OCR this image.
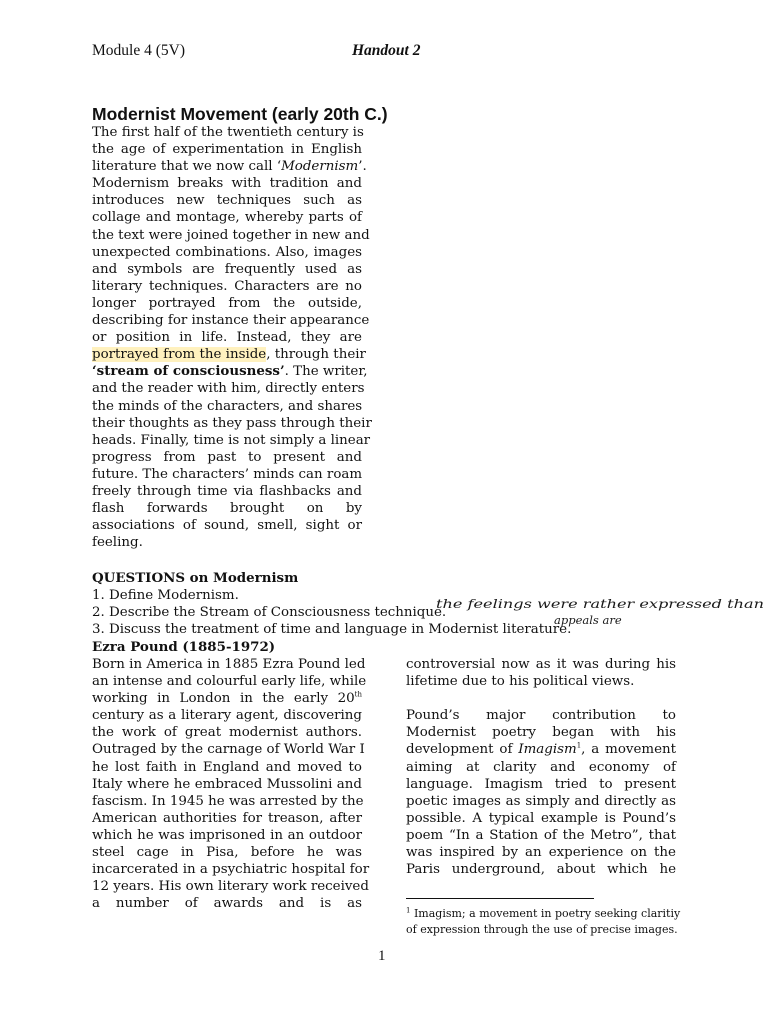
Module 4 (5V)	Handout 2
Modernist Movement (early 20th C.)
The first half of the twentieth century is
the age of experimentation in English
literature that we now call ‘Modernism’.
Modernism breaks with tradition and
introduces new techniques such as
collage and montage, whereby parts of
the text were joined together in new and
unexpected combinations. Also, images
and symbols are frequently used as
literary techniques. Characters are no
longer portrayed from the outside,
describing for instance their appearance
or position in life. Instead, they are
portrayed from the inside, through their
‘stream of consciousness’. The writer,
and the reader with him, directly enters
the minds of the characters, and shares
their thoughts as they pass through their
heads. Finally, time is not simply a linear
progress from past to present and
future. The characters’ minds can roam
freely through time via flashbacks and
flash forwards brought on by
associations of sound, smell, sight or
feeling.
QUESTIONS on Modernism
1. Define Modernism.
2. Describe the Stream of Consciousness technique.
3. Discuss the treatment of time and language in Modernist literature.
the feelings were rather expressed than
appeals are
Ezra Pound (1885-1972)
Born in America in 1885 Ezra Pound led
an intense and colourful early life, while
working in London in the early 20th
century as a literary agent, discovering
the work of great modernist authors.
Outraged by the carnage of World War I
he lost faith in England and moved to
Italy where he embraced Mussolini and
fascism. In 1945 he was arrested by the
American authorities for treason, after
which he was imprisoned in an outdoor
steel cage in Pisa, before he was
incarcerated in a psychiatric hospital for
12 years. His own literary work received
a number of awards and is as
controversial now as it was during his
lifetime due to his political views.
Pound’s major contribution to
Modernist poetry began with his
development of Imagism$^1$, a movement
aiming at clarity and economy of
language. Imagism tried to present
poetic images as simply and directly as
possible. A typical example is Pound’s
poem “In a Station of the Metro”, that
was inspired by an experience on the
Paris underground, about which he
$^1$ Imagism; a movement in poetry seeking claritiy
of expression through the use of precise images.
1
